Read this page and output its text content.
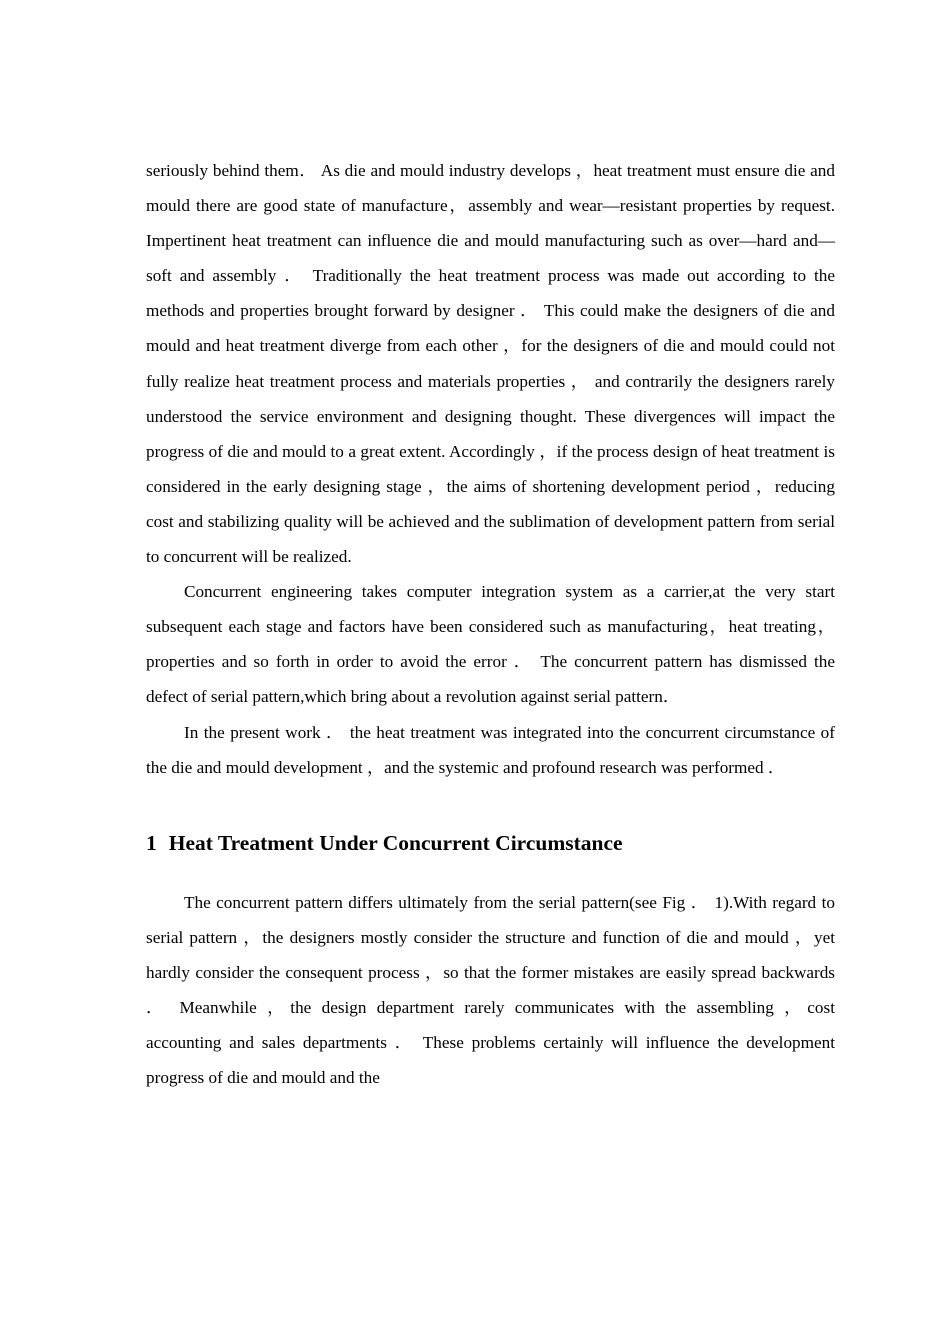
seriously behind them． As die and mould industry develops ，heat treatment must ensure die and mould there are good state of manufacture，assembly and wear—resistant properties by request. Impertinent heat treatment can influence die and mould manufacturing such as over—hard and—soft and assembly ． Traditionally the heat treatment process was made out according to the methods and properties brought forward by designer ． This could make the designers of die and mould and heat treatment diverge from each other ，for the designers of die and mould could not fully realize heat treatment process and materials properties ， and contrarily the designers rarely understood the service environment and designing thought. These divergences will impact the progress of die and mould to a great extent. Accordingly ，if the process design of heat treatment is considered in the early designing stage ，the aims of shortening development period ，reducing cost and stabilizing quality will be achieved and the sublimation of development pattern from serial to concurrent will be realized.

Concurrent engineering takes computer integration system as a carrier,at the very start subsequent each stage and factors have been considered such as manufacturing，heat treating，properties and so forth in order to avoid the error ． The concurrent pattern has dismissed the defect of serial pattern,which bring about a revolution against serial pattern．

In the present work ． the heat treatment was integrated into the concurrent circumstance of the die and mould development ，and the systemic and profound research was performed ．

1 Heat Treatment Under Concurrent Circumstance

The concurrent pattern differs ultimately from the serial pattern(see Fig ． 1).With regard to serial pattern ，the designers mostly consider the structure and function of die and mould ，yet hardly consider the consequent process ，so that the former mistakes are easily spread backwards ． Meanwhile ，the design department rarely communicates with the assembling ，cost accounting and sales departments ． These problems certainly will influence the development progress of die and mould and the
